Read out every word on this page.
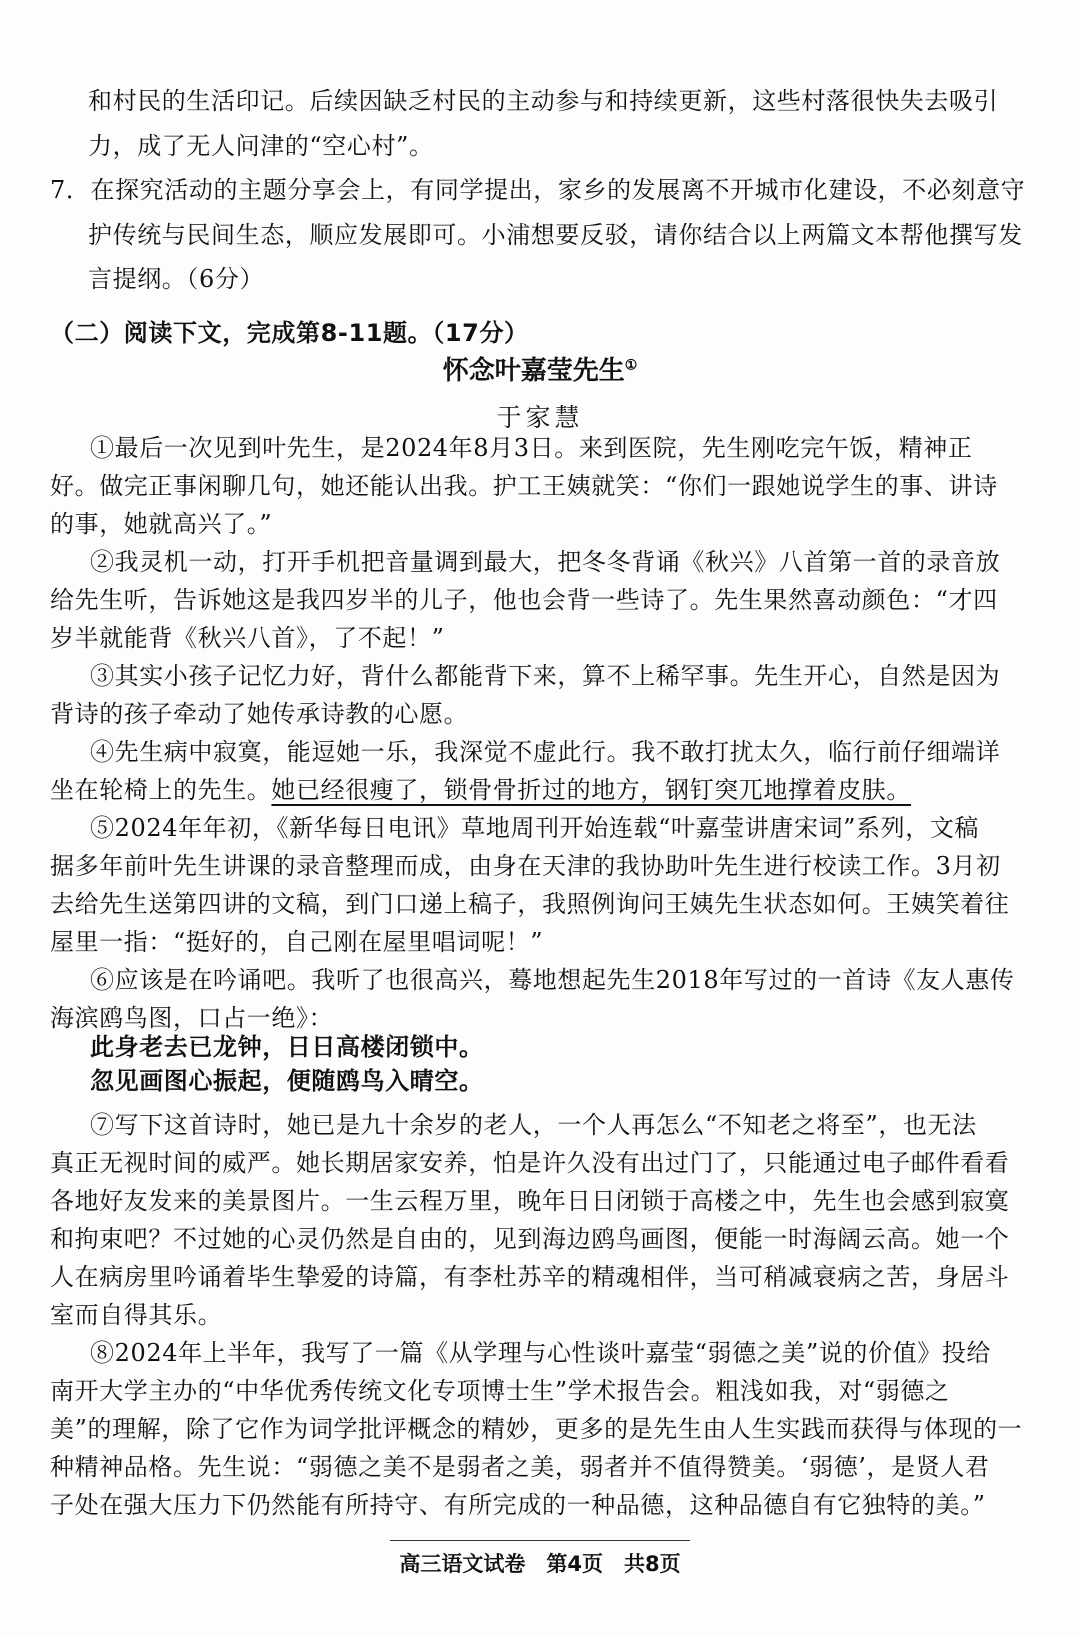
和村民的生活印记。后续因缺乏村民的主动参与和持续更新，这些村落很快失去吸引
力，成了无人问津的“空心村”。
7．在探究活动的主题分享会上，有同学提出，家乡的发展离不开城市化建设，不必刻意守
护传统与民间生态，顺应发展即可。小浦想要反驳，请你结合以上两篇文本帮他撰写发
言提纲。（6分）
（二）阅读下文，完成第8-11题。（17分）
怀念叶嘉莹先生①
于家慧
①最后一次见到叶先生，是2024年8月3日。来到医院，先生刚吃完午饭，精神正
好。做完正事闲聊几句，她还能认出我。护工王姨就笑：“你们一跟她说学生的事、讲诗
的事，她就高兴了。”
②我灵机一动，打开手机把音量调到最大，把冬冬背诵《秋兴》八首第一首的录音放
给先生听，告诉她这是我四岁半的儿子，他也会背一些诗了。先生果然喜动颜色：“才四
岁半就能背《秋兴八首》，了不起！”
③其实小孩子记忆力好，背什么都能背下来，算不上稀罕事。先生开心，自然是因为
背诗的孩子牵动了她传承诗教的心愿。
④先生病中寂寞，能逗她一乐，我深觉不虚此行。我不敢打扰太久，临行前仔细端详
坐在轮椅上的先生。她已经很瘦了，锁骨骨折过的地方，钢钉突兀地撑着皮肤。
⑤2024年年初，《新华每日电讯》草地周刊开始连载“叶嘉莹讲唐宋词”系列，文稿
据多年前叶先生讲课的录音整理而成，由身在天津的我协助叶先生进行校读工作。3月初
去给先生送第四讲的文稿，到门口递上稿子，我照例询问王姨先生状态如何。王姨笑着往
屋里一指：“挺好的，自己刚在屋里唱词呢！”
⑥应该是在吟诵吧。我听了也很高兴，蓦地想起先生2018年写过的一首诗《友人惠传
海滨鸥鸟图，口占一绝》：
此身老去已龙钟，日日高楼闭锁中。
忽见画图心振起，便随鸥鸟入晴空。
⑦写下这首诗时，她已是九十余岁的老人，一个人再怎么“不知老之将至”，也无法
真正无视时间的威严。她长期居家安养，怕是许久没有出过门了，只能通过电子邮件看看
各地好友发来的美景图片。一生云程万里，晚年日日闭锁于高楼之中，先生也会感到寂寞
和拘束吧？不过她的心灵仍然是自由的，见到海边鸥鸟画图，便能一时海阔云高。她一个
人在病房里吟诵着毕生挚爱的诗篇，有李杜苏辛的精魂相伴，当可稍减衰病之苦，身居斗
室而自得其乐。
高三语文试卷　第4页　共8页
⑧2024年上半年，我写了一篇《从学理与心性谈叶嘉莹“弱德之美”说的价值》投给
南开大学主办的“中华优秀传统文化专项博士生”学术报告会。粗浅如我，对“弱德之
美”的理解，除了它作为词学批评概念的精妙，更多的是先生由人生实践而获得与体现的一
种精神品格。先生说：“弱德之美不是弱者之美，弱者并不值得赞美。‘弱德’，是贤人君
子处在强大压力下仍然能有所持守、有所完成的一种品德，这种品德自有它独特的美。”
